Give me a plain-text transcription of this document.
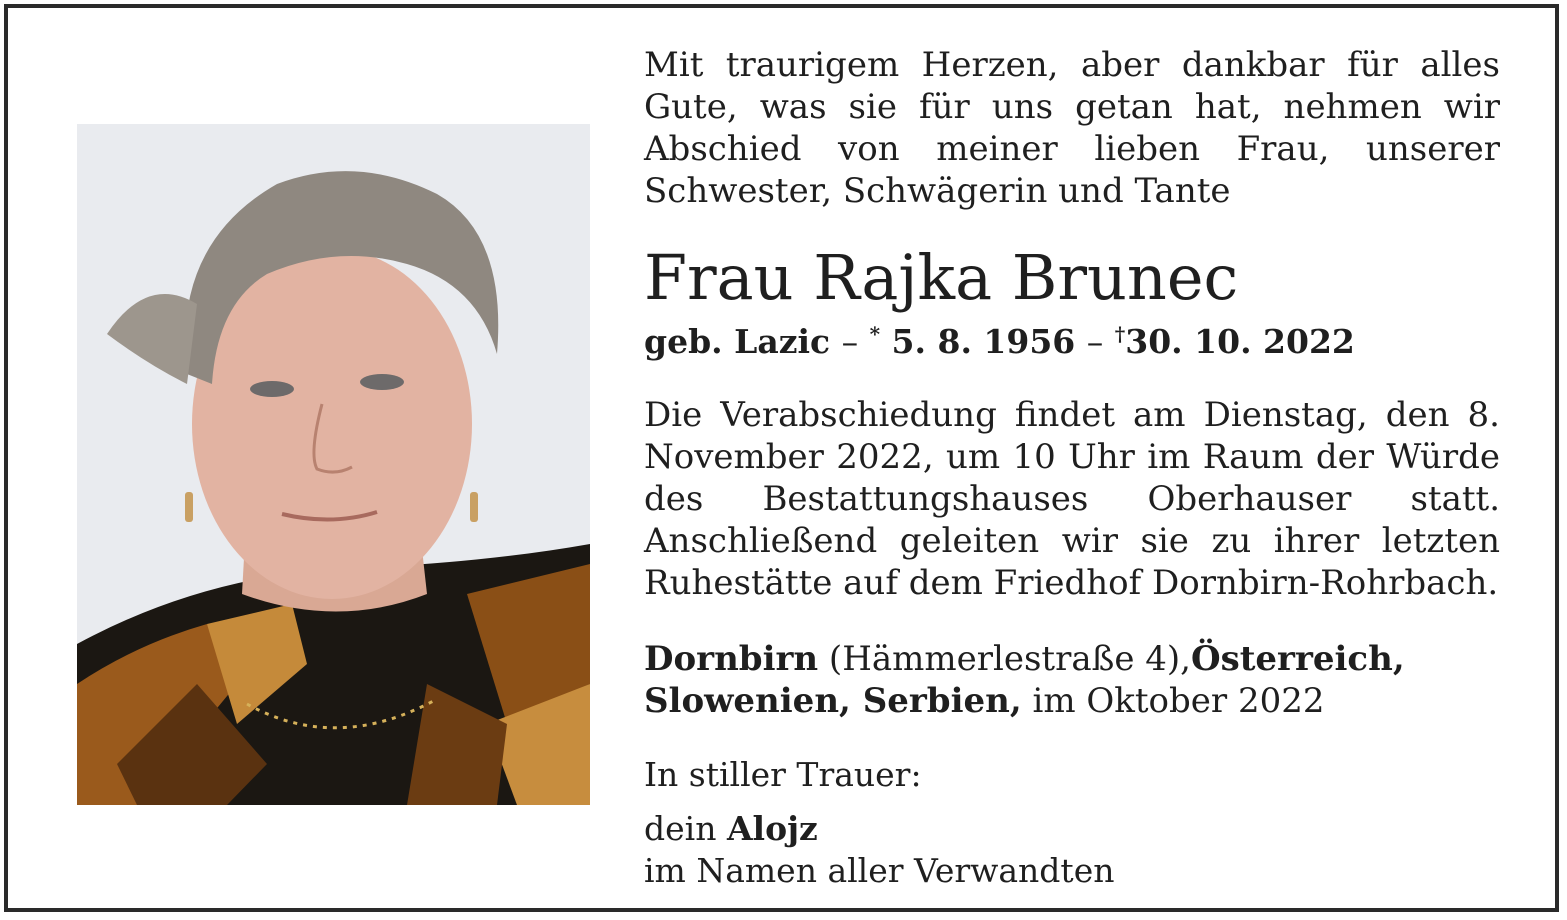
Mit traurigem Herzen, aber dankbar für alles Gute, was sie für uns getan hat, nehmen wir Abschied von meiner lieben Frau, unserer Schwester, Schwägerin und Tante

Frau Rajka Brunec

geb. Lazic – * 5. 8. 1956 – †30. 10. 2022

Die Verabschiedung findet am Dienstag, den 8. November 2022, um 10 Uhr im Raum der Würde des Bestattungshauses Oberhauser statt. Anschließend geleiten wir sie zu ihrer letzten Ruhestätte auf dem Friedhof Dornbirn-Rohrbach.

Dornbirn (Hämmerlestraße 4),Österreich, Slowenien, Serbien, im Oktober 2022

In stiller Trauer:

dein Alojz

im Namen aller Verwandten
